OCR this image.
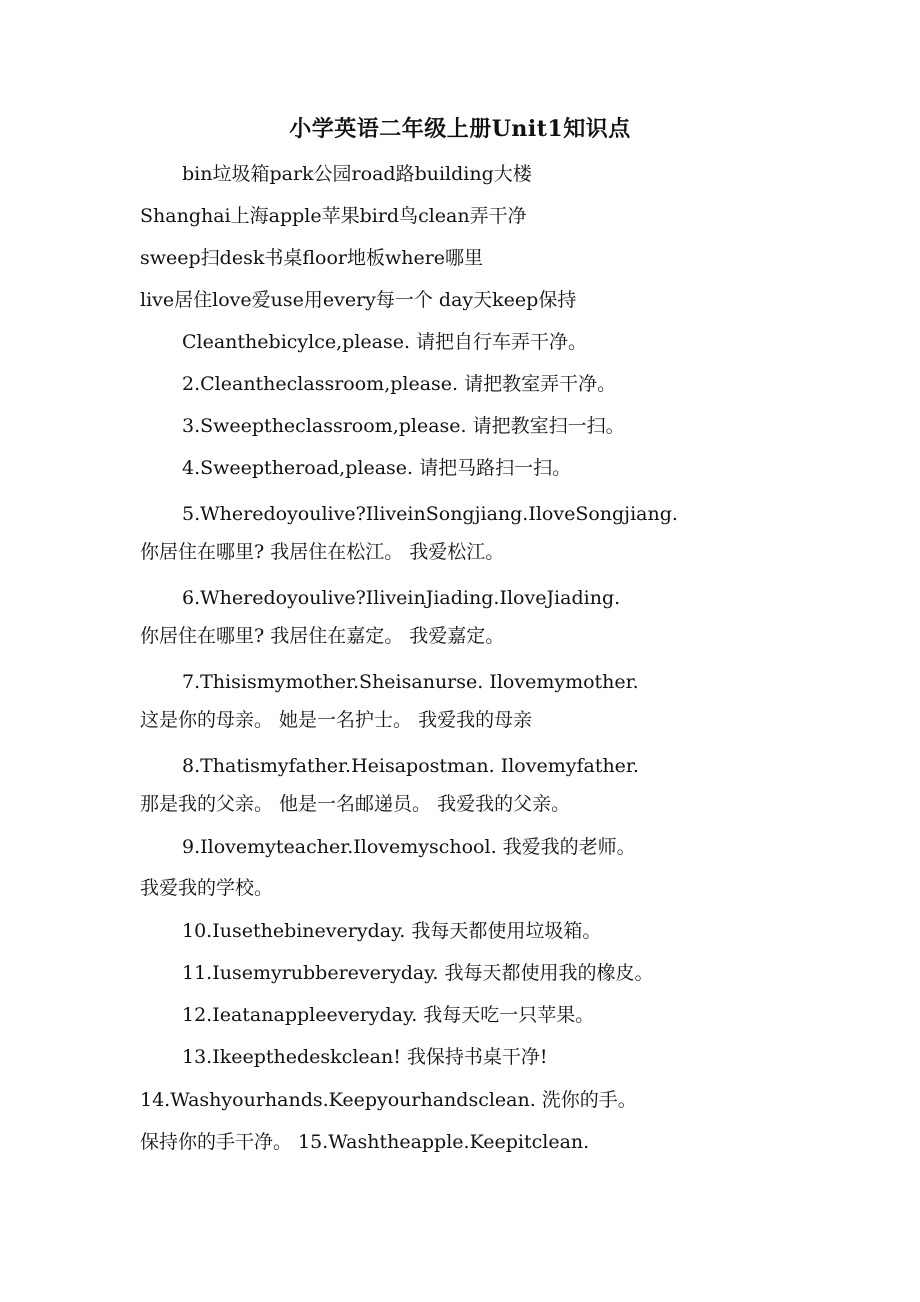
小学英语二年级上册Unit1知识点
bin垃圾箱park公园road路building大楼
Shanghai上海apple苹果bird鸟clean弄干净
sweep扫desk书桌floor地板where哪里
live居住love爱use用every每一个 day天keep保持
Cleanthebicylce,please. 请把自行车弄干净。
2.Cleantheclassroom,please. 请把教室弄干净。
3.Sweeptheclassroom,please. 请把教室扫一扫。
4.Sweeptheroad,please. 请把马路扫一扫。
5.Wheredoyoulive?IliveinSongjiang.IloveSongjiang.
你居住在哪里? 我居住在松江。 我爱松江。
6.Wheredoyoulive?IliveinJiading.IloveJiading.
你居住在哪里? 我居住在嘉定。 我爱嘉定。
7.Thisismymother.Sheisanurse. Ilovemymother.
这是你的母亲。 她是一名护士。 我爱我的母亲
8.Thatismyfather.Heisapostman. Ilovemyfather.
那是我的父亲。 他是一名邮递员。 我爱我的父亲。
9.Ilovemyteacher.Ilovemyschool. 我爱我的老师。
我爱我的学校。
10.Iusethebineveryday. 我每天都使用垃圾箱。
11.Iusemyrubbereveryday. 我每天都使用我的橡皮。
12.Ieatanappleeveryday. 我每天吃一只苹果。
13.Ikeepthedeskclean! 我保持书桌干净!
14.Washyourhands.Keepyourhandsclean. 洗你的手。
保持你的手干净。 15.Washtheapple.Keepitclean.
